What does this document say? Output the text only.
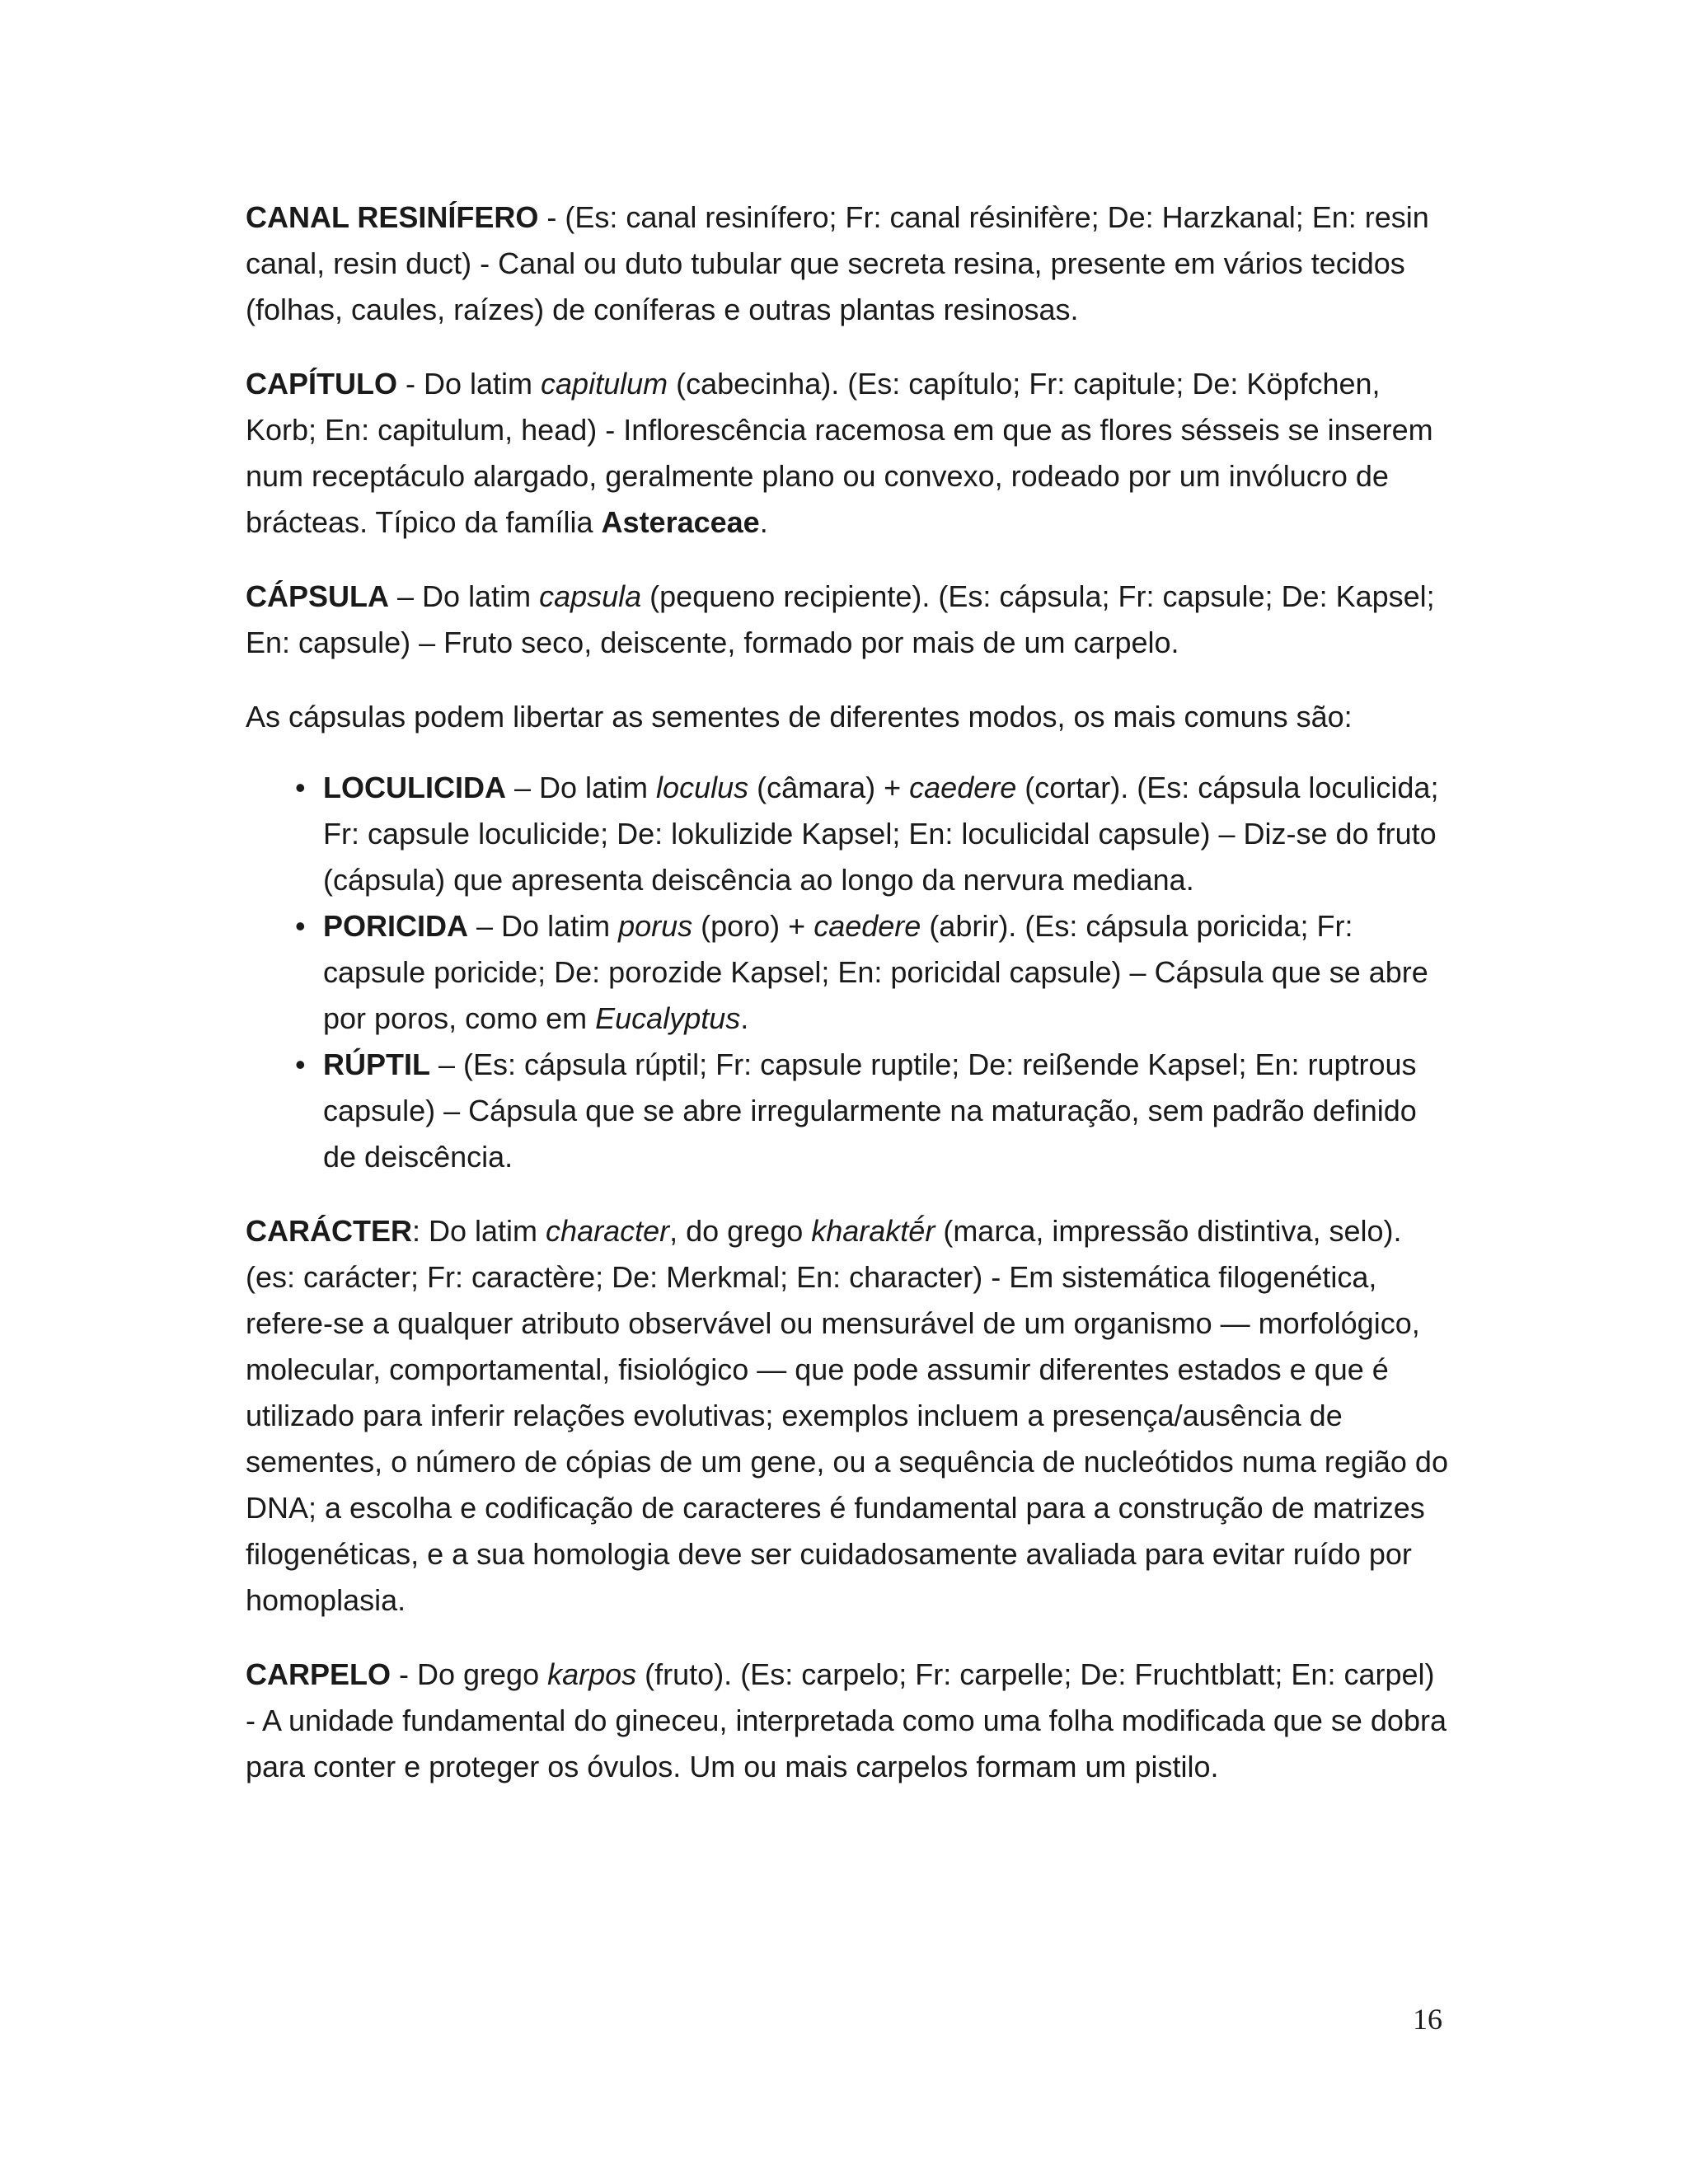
CANAL RESINÍFERO - (Es: canal resinífero; Fr: canal résinifère; De: Harzkanal; En: resin canal, resin duct) - Canal ou duto tubular que secreta resina, presente em vários tecidos (folhas, caules, raízes) de coníferas e outras plantas resinosas.

CAPÍTULO - Do latim capitulum (cabecinha). (Es: capítulo; Fr: capitule; De: Köpfchen, Korb; En: capitulum, head) - Inflorescência racemosa em que as flores sésseis se inserem num receptáculo alargado, geralmente plano ou convexo, rodeado por um invólucro de brácteas. Típico da família Asteraceae.

CÁPSULA – Do latim capsula (pequeno recipiente). (Es: cápsula; Fr: capsule; De: Kapsel; En: capsule) – Fruto seco, deiscente, formado por mais de um carpelo.

As cápsulas podem libertar as sementes de diferentes modos, os mais comuns são:

• LOCULICIDA – Do latim loculus (câmara) + caedere (cortar). (Es: cápsula loculicida; Fr: capsule loculicide; De: lokulizide Kapsel; En: loculicidal capsule) – Diz-se do fruto (cápsula) que apresenta deiscência ao longo da nervura mediana.
• PORICIDA – Do latim porus (poro) + caedere (abrir). (Es: cápsula poricida; Fr: capsule poricide; De: porozide Kapsel; En: poricidal capsule) – Cápsula que se abre por poros, como em Eucalyptus.
• RÚPTIL – (Es: cápsula rúptil; Fr: capsule ruptile; De: reißende Kapsel; En: ruptrous capsule) – Cápsula que se abre irregularmente na maturação, sem padrão definido de deiscência.

CARÁCTER: Do latim character, do grego kharaktḗr (marca, impressão distintiva, selo). (es: carácter; Fr: caractère; De: Merkmal; En: character) - Em sistemática filogenética, refere-se a qualquer atributo observável ou mensurável de um organismo — morfológico, molecular, comportamental, fisiológico — que pode assumir diferentes estados e que é utilizado para inferir relações evolutivas; exemplos incluem a presença/ausência de sementes, o número de cópias de um gene, ou a sequência de nucleótidos numa região do DNA; a escolha e codificação de caracteres é fundamental para a construção de matrizes filogenéticas, e a sua homologia deve ser cuidadosamente avaliada para evitar ruído por homoplasia.

CARPELO - Do grego karpos (fruto). (Es: carpelo; Fr: carpelle; De: Fruchtblatt; En: carpel) - A unidade fundamental do gineceu, interpretada como uma folha modificada que se dobra para conter e proteger os óvulos. Um ou mais carpelos formam um pistilo.

16
